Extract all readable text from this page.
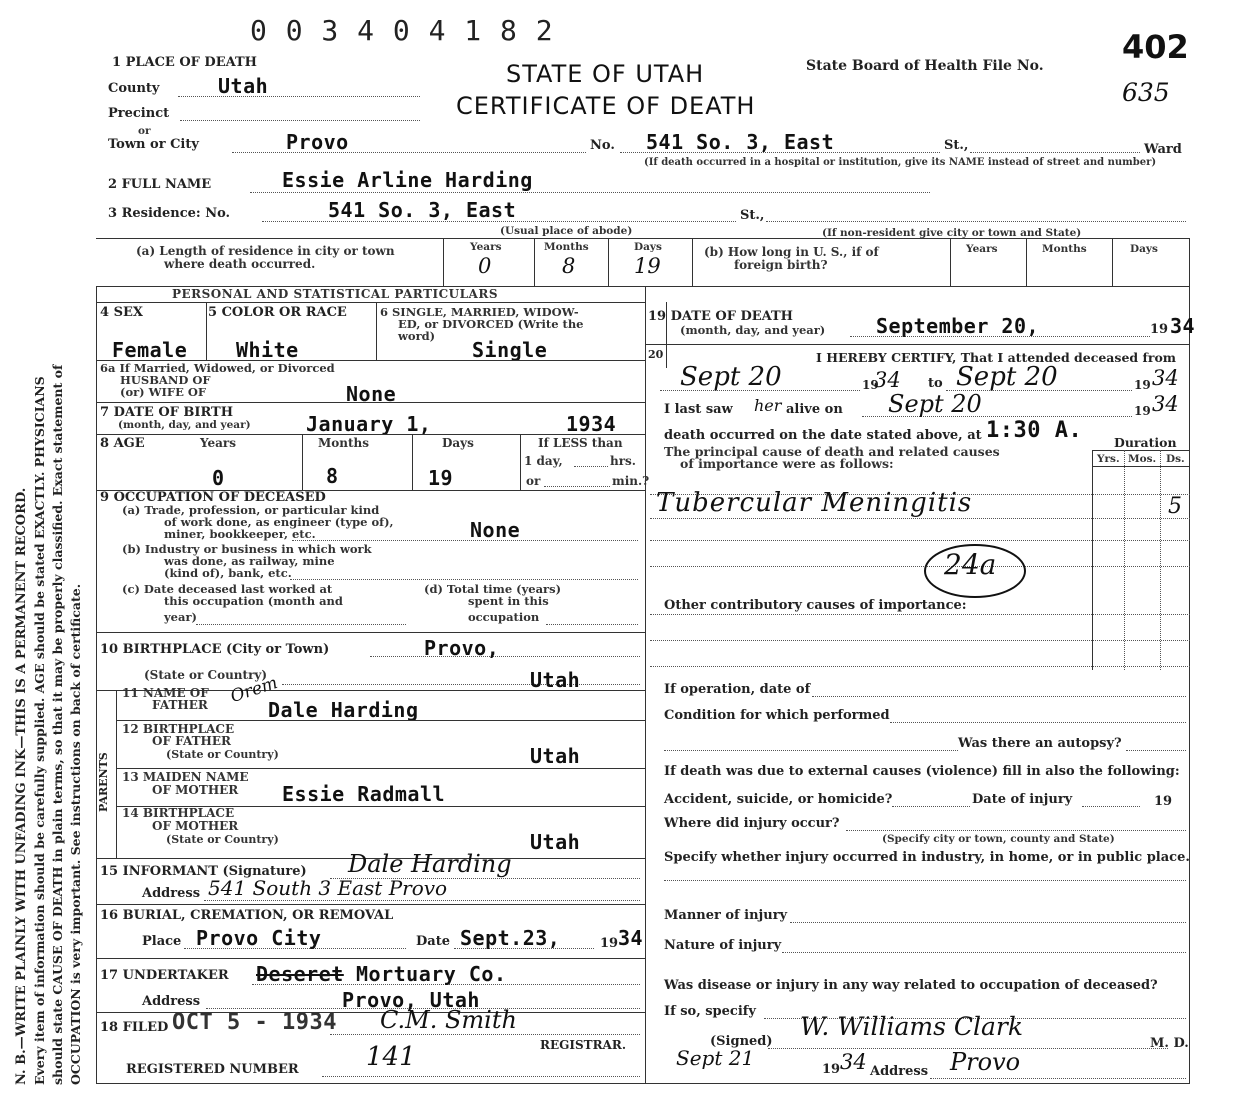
N. B.—WRITE PLAINLY WITH UNFADING INK—THIS IS A PERMANENT RECORD. Every item of information should be carefully supplied. AGE should be stated EXACTLY. PHYSICIANS should state CAUSE OF DEATH in plain terms, so that it may be properly classified. Exact statement of OCCUPATION is very important. See instructions on back of certificate.
0 0 3 4 0 4 1 8 2
STATE OF UTAH
CERTIFICATE OF DEATH
State Board of Health File No. 402
635
1 PLACE OF DEATH
County	Utah
Precinct
or
Town or City	Provo	No. 541 So. 3, East	St.,	Ward
(If death occurred in a hospital or institution, give its NAME instead of street and number)
2 FULL NAME	Essie Arline Harding
3 Residence: No.	541 So. 3, East	St.,
(Usual place of abode)	(If non-resident give city or town and State)
(a) Length of residence in city or town
where death occurred.
Years	Months	Days
0	8	19
(b) How long in U. S., if of
foreign birth?
Years	Months	Days
PERSONAL AND STATISTICAL PARTICULARS
4 SEX	5 COLOR OR RACE	6 SINGLE, MARRIED, WIDOW-
ED, or DIVORCED (Write the
word)
Female White	Single
6a If Married, Widowed, or Divorced
HUSBAND OF
(or) WIFE OF	None
7 DATE OF BIRTH
(month, day, and year)	January 1,	1934
8 AGE	Years	Months	Days	If LESS than
1 day,	hrs.
or	min.?
0	8	19
9 OCCUPATION OF DECEASED
(a) Trade, profession, or particular kind
of work done, as engineer (type of),
miner, bookkeeper, etc.	None
(b) Industry or business in which work
was done, as railway, mine
(kind of), bank, etc.
(c) Date deceased last worked at
this occupation (month and
year)
(d) Total time (years)
spent in this
occupation
10 BIRTHPLACE (City or Town)	Provo,
(State or Country)	Utah
PARENTS
11 NAME OF
FATHER Orem
Dale Harding
12 BIRTHPLACE
OF FATHER
(State or Country)	Utah
13 MAIDEN NAME
OF MOTHER Essie Radmall
14 BIRTHPLACE
OF MOTHER
(State or Country)	Utah
15 INFORMANT (Signature) Dale Harding
Address 541 South 3 East Provo
16 BURIAL, CREMATION, OR REMOVAL
Place Provo City	Date Sept.23,	19 34
17 UNDERTAKER Deseret Mortuary Co.
Address	Provo, Utah
18 FILED OCT 5 - 1934 C.M. Smith
REGISTRAR.
REGISTERED NUMBER	141
19 DATE OF DEATH
(month, day, and year)	September 20,	19 34
20	I HEREBY CERTIFY, That I attended deceased from
Sept 20	19
34 to Sept 20	19 34
I last saw her alive on Sept 20	19 34
death occurred on the date stated above, at 1:30 A.	Duration
Yrs. Mos. Ds.
The principal cause of death and related causes
of importance were as follows:
Tubercular Meningitis	5
24a
Other contributory causes of importance:
If operation, date of
Condition for which performed
Was there an autopsy?
If death was due to external causes (violence) fill in also the following:
Accident, suicide, or homicide?	Date of injury	19
Where did injury occur?
(Specify city or town, county and State)
Specify whether injury occurred in industry, in home, or in public place.
Manner of injury
Nature of injury
Was disease or injury in any way related to occupation of deceased?
If so, specify
(Signed)
W. Williams Clark
M. D.
Sept 21	19 34 Address Provo
